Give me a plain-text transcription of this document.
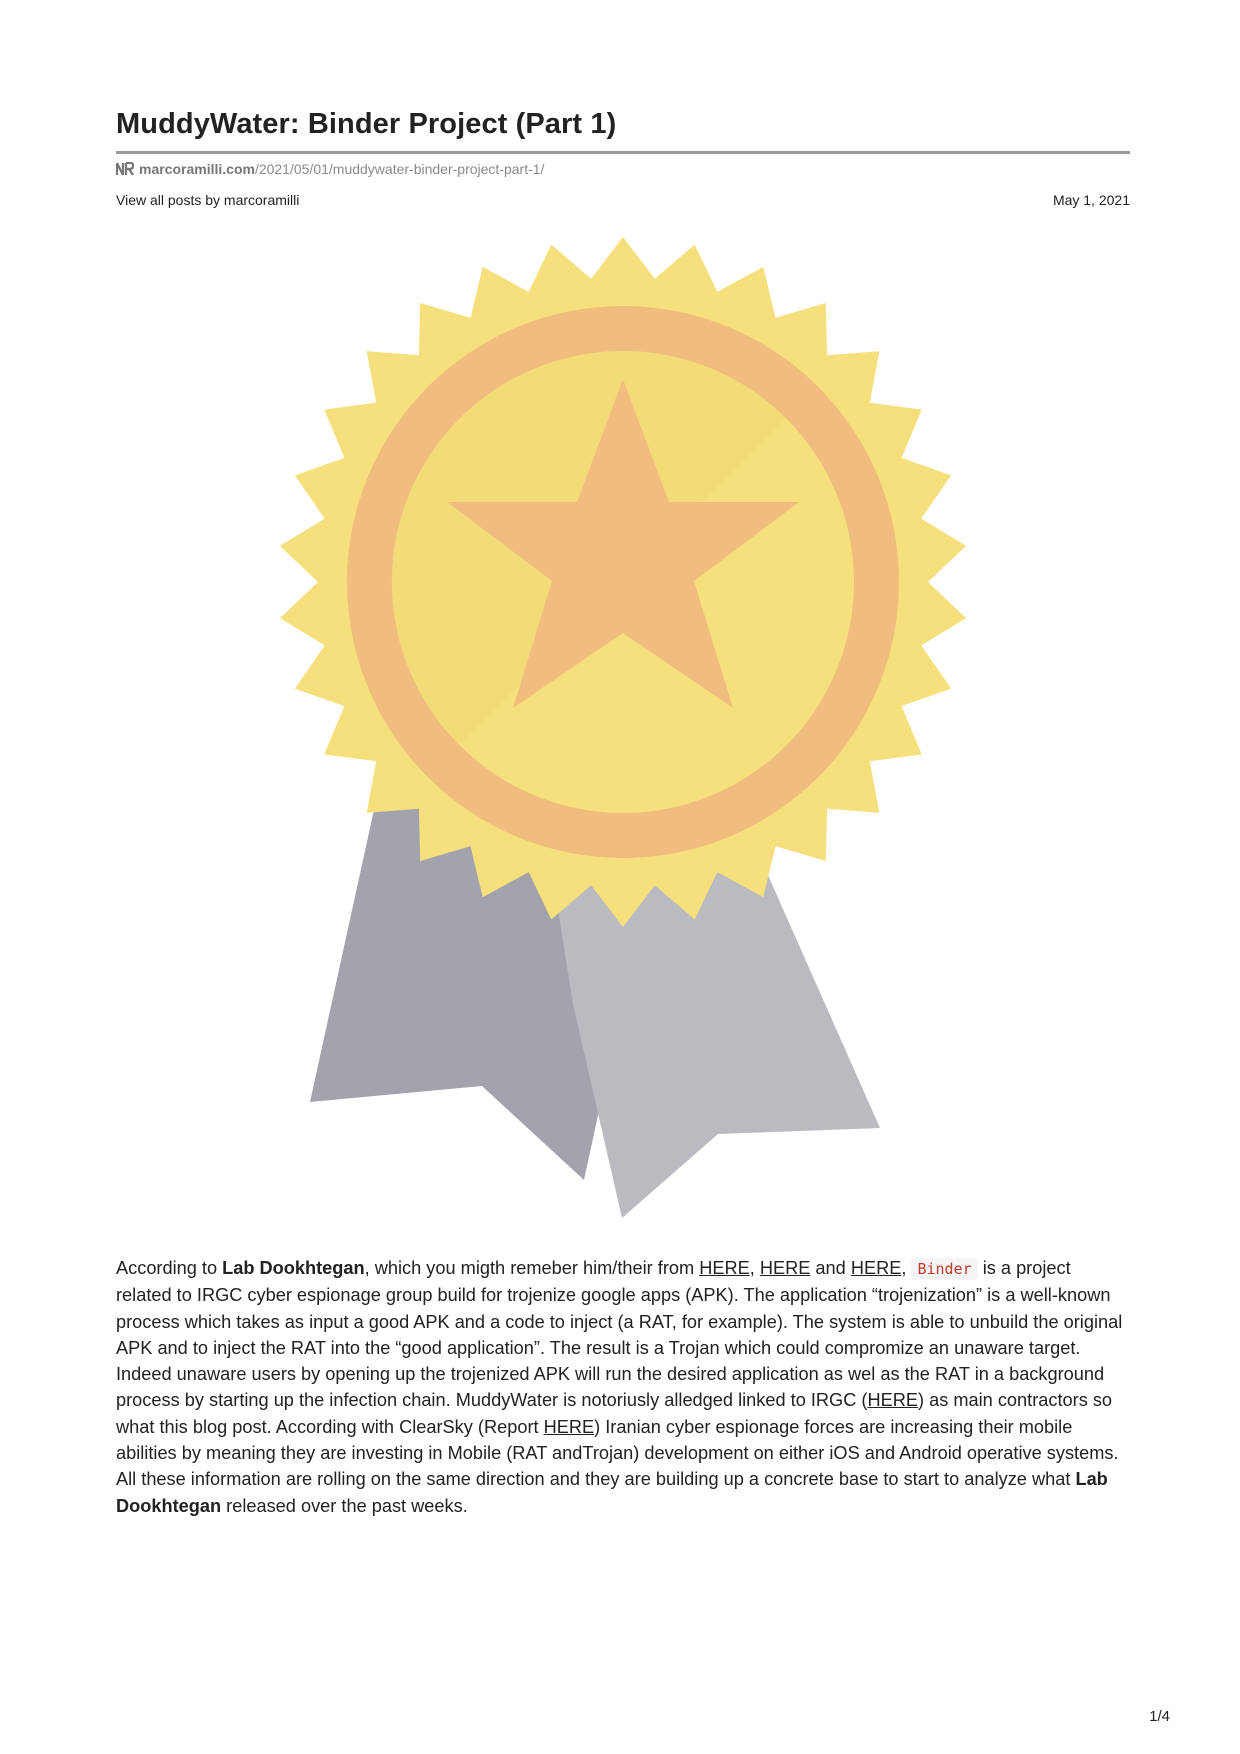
MuddyWater: Binder Project (Part 1)
marcoramilli.com /2021/05/01/muddywater-binder-project-part-1/
View all posts by marcoramilli	May 1, 2021

According to Lab Dookhtegan, which you migth remeber him/their from HERE, HERE and HERE, Binder is a project related to IRGC cyber espionage group build for trojenize google apps (APK). The application “trojenization” is a well-known process which takes as input a good APK and a code to inject (a RAT, for example). The system is able to unbuild the original APK and to inject the RAT into the “good application”. The result is a Trojan which could compromize an unaware target. Indeed unaware users by opening up the trojenized APK will run the desired application as wel as the RAT in a background process by starting up the infection chain. MuddyWater is notoriusly alledged linked to IRGC (HERE) as main contractors so what this blog post. According with ClearSky (Report HERE) Iranian cyber espionage forces are increasing their mobile abilities by meaning they are investing in Mobile (RAT andTrojan) development on either iOS and Android operative systems. All these information are rolling on the same direction and they are building up a concrete base to start to analyze what Lab Dookhtegan released over the past weeks.

1/4
